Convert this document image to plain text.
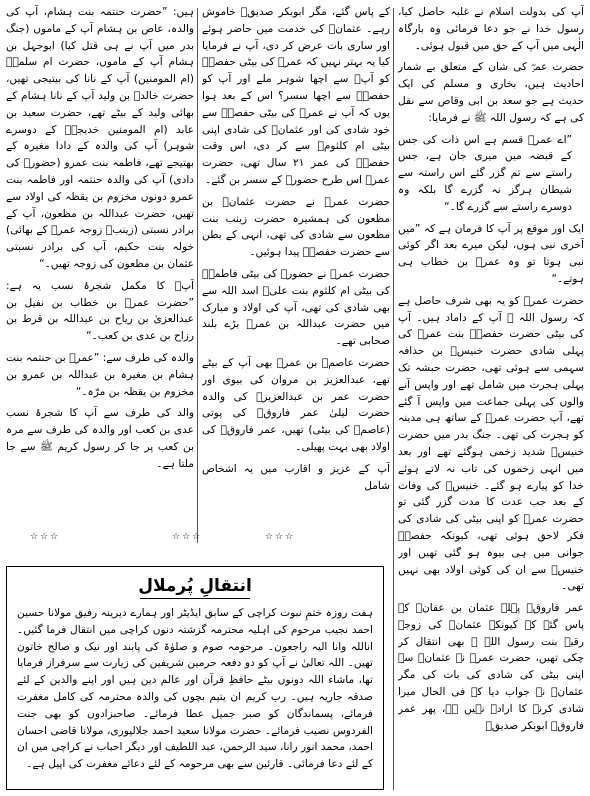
آپ کی بدولت اسلام نے غلبہ حاصل کیا، رسول خدا نے جو دعا فرمائی وہ بارگاہ الٰہی میں آپ کے حق میں قبول ہوئی۔

حضرت عمرؓ کی شان کے متعلق بے شمار احادیث ہیں، بخاری و مسلم کی ایک حدیث ہے جو سعد بن ابی وقاص سے نقل کی ہے کہ رسول اللہ ﷺ نے فرمایا:

”اے عمرؓ قسم ہے اس ذات کی جس کے قبضہ میں میری جان ہے، جس راستے سے تم گزر گئے اس راستہ سے شیطان ہرگز نہ گزرے گا بلکہ وہ دوسرے راستے سے گزرے گا۔“

ایک اور موقع پر آپ کا فرمان ہے کہ ”میں آخری نبی ہوں، لیکن میرے بعد اگر کوئی نبی ہوتا تو وہ عمرؓ بن خطاب ہی ہوتے۔“

حضرت عمرؓ کو یہ بھی شرف حاصل ہے کہ رسول اللہ ﷺ آپ کے داماد ہیں۔ آپ کی بیٹی حضرت حفصہؓ بنت عمرؓ کی پہلی شادی حضرت خنیسؓ بن حذافہ سہمی سے ہوئی تھی، حضرت حبشہ تک پہلی ہجرت میں شامل تھے اور واپس آنے والوں کی پہلی جماعت میں واپس آ گئے تھے، آپ حضرت عمرؓ کے ساتھ ہی مدینہ کو ہجرت کی تھی۔ جنگ بدر میں حضرت خنیسؓ شدید زخمی ہوگئے تھے اور بعد میں انہی زخموں کی تاب نہ لاتے ہوئے خدا کو پیارے ہو گئے۔ خنیسؓ کی وفات کے بعد جب عدت کا مدت گزر گئی تو حضرت عمرؓ کو اپنی بیٹی کی شادی کی فکر لاحق ہوئی تھی، کیونکہ حفصہؓ جوانی میں ہی بیوہ ہو گئی تھیں اور خنیسؓ سے ان کی کوئی اولاد بھی نہیں تھی۔

عمر فاروقؓ پہلے عثمان بن عفانؓ کے پاس گئے کہ کیونکہ عثمانؓ کی زوجہ رقیہ بنت رسول اللہ ﷺ بھی انتقال کر چکی تھیں، حضرت عمرؓ نے عثمانؓ سے اپنی بیٹی کی شادی کی بات کی مگر عثمانؓ نے جواب دیا کہ فی الحال میرا شادی کرنے کا ارادہ نہیں ہے، پھر عمر فاروقؓ ابوبکر صدیقؓ

کے پاس گئے، مگر ابوبکر صدیقؓ خاموش رہے۔ عثمانؓ کی خدمت میں حاضر ہوئے اور ساری بات عرض کر دی، آپ نے فرمایا کیا یہ بہتر نہیں کہ عمرؓ کی بیٹی حفصہؓ کو آپؐ سے اچھا شوہر ملے اور آپ کو حفصہؓ سے اچھا سسر؟ اس کے بعد ہوا یوں کہ آپ نے عمرؓ کی بیٹی حفصہؓ سے خود شادی کی اور عثمانؓ کی شادی اپنی بیٹی ام کلثومؓ سے کر دی، اس وقت حفصہؓ کی عمر ۲۱ سال تھی، حضرت عمرؓ اس طرح حضورؐ کے سسر بن گئے۔

حضرت عمرؓ نے حضرت عثمانؓ بن مظعون کی ہمشیرہ حضرت زینب بنت مظعون سے شادی کی تھی، انہی کے بطن سے حضرت حفصہؓ پیدا ہوئیں۔

حضرت عمرؓ نے حضورؐ کی بیٹی فاطمہؓ کی بیٹی ام کلثوم بنت علیؓ اسد اللہ سے بھی شادی کی تھی، آپ کی اولاد و مبارک میں حضرت عبداللہ بن عمرؓ بڑے بلند صحابی تھے۔

حضرت عاصمؓ بن عمرؓ بھی آپ کے بیٹے تھے، عبدالعزیز بن مروان کی بیوی اور حضرت عمر بن عبدالعزیزؒ کی والدہ حضرت لیلیٰ عمر فاروقؓ کی پوتی (عاصمؓ کی بیٹی) تھیں، عمر فاروقؓ کی اولاد بھی بہت پھیلی۔

آپ کے عزیز و اقارب میں یہ اشخاص شامل

ہیں: ”حضرت حنتمہ بنت ہشام، آپ کی والدہ، عاص بن ہشام آپ کے ماموں (جنگ بدر میں آپ نے ہی قتل کیا) ابوجہل بن ہشام آپ کے ماموں، حضرت ام سلمہؓ (ام المومنین) آپ کے نانا کی بیتیجی تھیں، حضرت خالدؓ بن ولید آپ کے نانا ہشام کے بھائی ولید کے بیٹے تھے، حضرت سعید بن عابد (ام المومنین خدیجہؓ کے دوسرے شوہر) آپ کی والدہ کے دادا مغیرہ کے بھتیجے تھے، فاطمہ بنت عمرو (حضورؐ کی دادی) آپ کی والدہ حنتمہ اور فاطمہ بنت عمرو دونوں مخزوم بن یقظہ کی اولاد سے تھیں، حضرت عبداللہ بن مظعون، آپ کے برادر نسبتی (زینبؓ زوجہ عمرؓ کے بھائی) خولہ بنت حکیم، آپ کی برادر نسبتی عثمان بن مظعون کی زوجہ تھیں۔“

آپؓ کا مکمل شجرۂ نسب یہ ہے: ”حضرت عمرؓ بن خطاب بن نفیل بن عبدالعزیٰ بن ریاح بن عبداللہ بن قرط بن رزاح بن عدی بن کعب۔“

والدہ کی طرف سے: ”عمرؓ بن حنتمہ بنت ہشام بن مغیرہ بن عبداللہ بن عمرو بن مخزوم بن یقظہ بن مرّہ۔“

والد کی طرف سے آپ کا شجرۂ نسب عدی بن کعب اور والدہ کی طرف سے مرہ بن کعب پر جا کر رسول کریم ﷺ سے جا ملتا ہے۔

☆☆☆	☆☆☆	☆☆☆
انتقالِ پُرملال

ہفت روزہ ختمِ نبوت کراچی کے سابق ایڈیٹر اور ہمارے دیرینہ رفیق مولانا حسین احمد نجیب مرحوم کی اہلیہ محترمہ گزشتہ دنوں کراچی میں انتقال فرما گئیں۔ اناللہ وانا الیہ راجعون۔ مرحومہ صوم و صلوٰۃ کی پابند اور نیک و صالح خاتون تھیں۔ اللہ تعالیٰ نے آپ کو دو دفعہ حرمین شریفین کی زیارت سے سرفراز فرمایا تھا، ماشاء اللہ دونوں بیٹے حافظِ قرآن اور عالم دین ہیں اور اپنے والدین کے لئے صدقہ جاریہ ہیں۔ رب کریم ان یتیم بچوں کی والدہ محترمہ کی کامل مغفرت فرمائے، پسماندگان کو صبر جمیل عطا فرمائے۔ صاحبزادوں کو بھی جنت الفردوس نصیب فرمائے۔ حضرت مولانا سعید احمد جلالپوری، مولانا قاضی احسان احمد، محمد انور رانا، سید الرحمن، عبد اللطیف اور دیگر احباب نے کراچی میں ان کے لئے دعا فرمائی۔ قارئین سے بھی مرحومہ کے لئے دعائے مغفرت کی اپیل ہے۔
